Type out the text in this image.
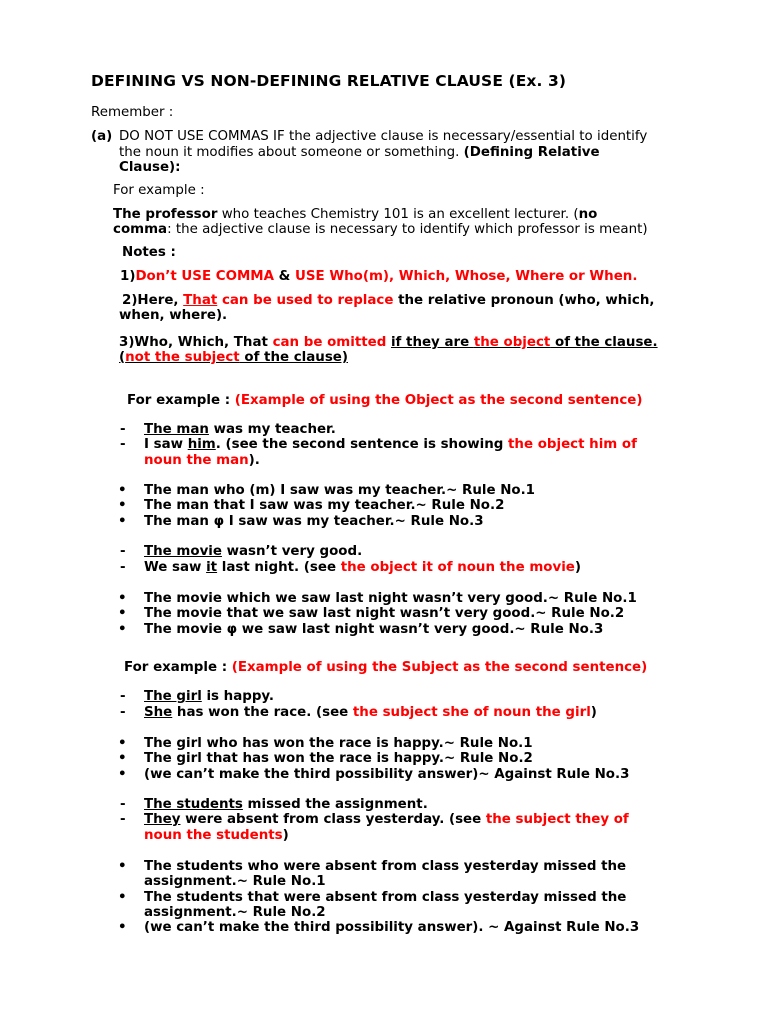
DEFINING VS NON-DEFINING RELATIVE CLAUSE (Ex. 3)
Remember :
(a) DO NOT USE COMMAS IF the adjective clause is necessary/essential to identify
the noun it modifies about someone or something. (Defining Relative
Clause):
For example :
The professor who teaches Chemistry 101 is an excellent lecturer. (no
comma: the adjective clause is necessary to identify which professor is meant)
Notes :
1)Don’t USE COMMA & USE Who(m), Which, Whose, Where or When.
2)Here, That can be used to replace the relative pronoun (who, which,
when, where).
3)Who, Which, That can be omitted if they are the object of the clause.
(not the subject of the clause)
For example : (Example of using the Object as the second sentence)
-	The man was my teacher.
-	I saw him. (see the second sentence is showing the object him of
noun the man).
•	The man who (m) I saw was my teacher.~ Rule No.1
•	The man that I saw was my teacher.~ Rule No.2
•	The man φ I saw was my teacher.~ Rule No.3
-	The movie wasn’t very good.
-	We saw it last night. (see the object it of noun the movie)
•	The movie which we saw last night wasn’t very good.~ Rule No.1
•	The movie that we saw last night wasn’t very good.~ Rule No.2
•	The movie φ we saw last night wasn’t very good.~ Rule No.3
For example : (Example of using the Subject as the second sentence)
-	The girl is happy.
-	She has won the race. (see the subject she of noun the girl)
•	The girl who has won the race is happy.~ Rule No.1
•	The girl that has won the race is happy.~ Rule No.2
•	(we can’t make the third possibility answer)~ Against Rule No.3
-	The students missed the assignment.
-	They were absent from class yesterday. (see the subject they of
noun the students)
•	The students who were absent from class yesterday missed the
assignment.~ Rule No.1
•	The students that were absent from class yesterday missed the
assignment.~ Rule No.2
•	(we can’t make the third possibility answer). ~ Against Rule No.3
